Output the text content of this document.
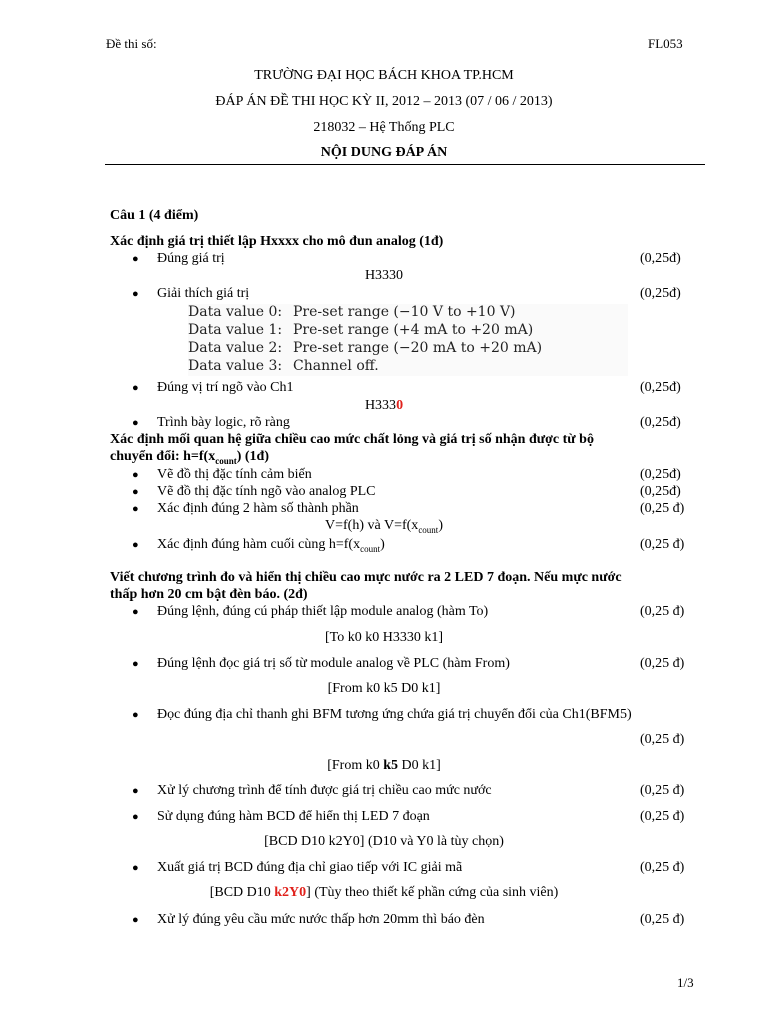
Đề thi số:	FL053
TRƯỜNG ĐẠI HỌC BÁCH KHOA TP.HCM
ĐÁP ÁN ĐỀ THI HỌC KỲ II, 2012 – 2013 (07 / 06 / 2013)
218032 – Hệ Thống PLC
NỘI DUNG ĐÁP ÁN
Câu 1 (4 điểm)
Xác định giá trị thiết lập Hxxxx cho mô đun analog (1đ)
● Đúng giá trị	(0,25đ)
H3330
● Giải thích giá trị	(0,25đ)
Data value 0: Pre-set range (−10 V to +10 V)
Data value 1: Pre-set range (+4 mA to +20 mA)
Data value 2: Pre-set range (−20 mA to +20 mA)
Data value 3: Channel off.
● Đúng vị trí ngõ vào Ch1	(0,25đ)
H3330
● Trình bày logic, rõ ràng	(0,25đ)
Xác định mối quan hệ giữa chiều cao mức chất lỏng và giá trị số nhận được từ bộ
chuyển đổi: $h=f(x_{count})$ (1đ)
● Vẽ đồ thị đặc tính cảm biến	(0,25đ)
● Vẽ đồ thị đặc tính ngõ vào analog PLC	(0,25đ)
● Xác định đúng 2 hàm số thành phần	(0,25 đ)
V=f(h) và $V=f(x_{count})$
● Xác định đúng hàm cuối cùng $h=f(x_{count})$	(0,25 đ)
Viết chương trình đo và hiển thị chiều cao mực nước ra 2 LED 7 đoạn. Nếu mực nước
thấp hơn 20 cm bật đèn báo. (2đ)
● Đúng lệnh, đúng cú pháp thiết lập module analog (hàm To)	(0,25 đ)
[To k0 k0 H3330 k1]
● Đúng lệnh đọc giá trị số từ module analog về PLC (hàm From)	(0,25 đ)
[From k0 k5 D0 k1]
● Đọc đúng địa chỉ thanh ghi BFM tương ứng chứa giá trị chuyển đổi của Ch1(BFM5)
(0,25 đ)
[From k0 k5 D0 k1]
● Xử lý chương trình để tính được giá trị chiều cao mức nước	(0,25 đ)
● Sử dụng đúng hàm BCD để hiển thị LED 7 đoạn	(0,25 đ)
[BCD D10 k2Y0] (D10 và Y0 là tùy chọn)
● Xuất giá trị BCD đúng địa chỉ giao tiếp với IC giải mã	(0,25 đ)
[BCD D10 k2Y0] (Tùy theo thiết kế phần cứng của sinh viên)
● Xử lý đúng yêu cầu mức nước thấp hơn 20mm thì báo đèn	(0,25 đ)
1/3
